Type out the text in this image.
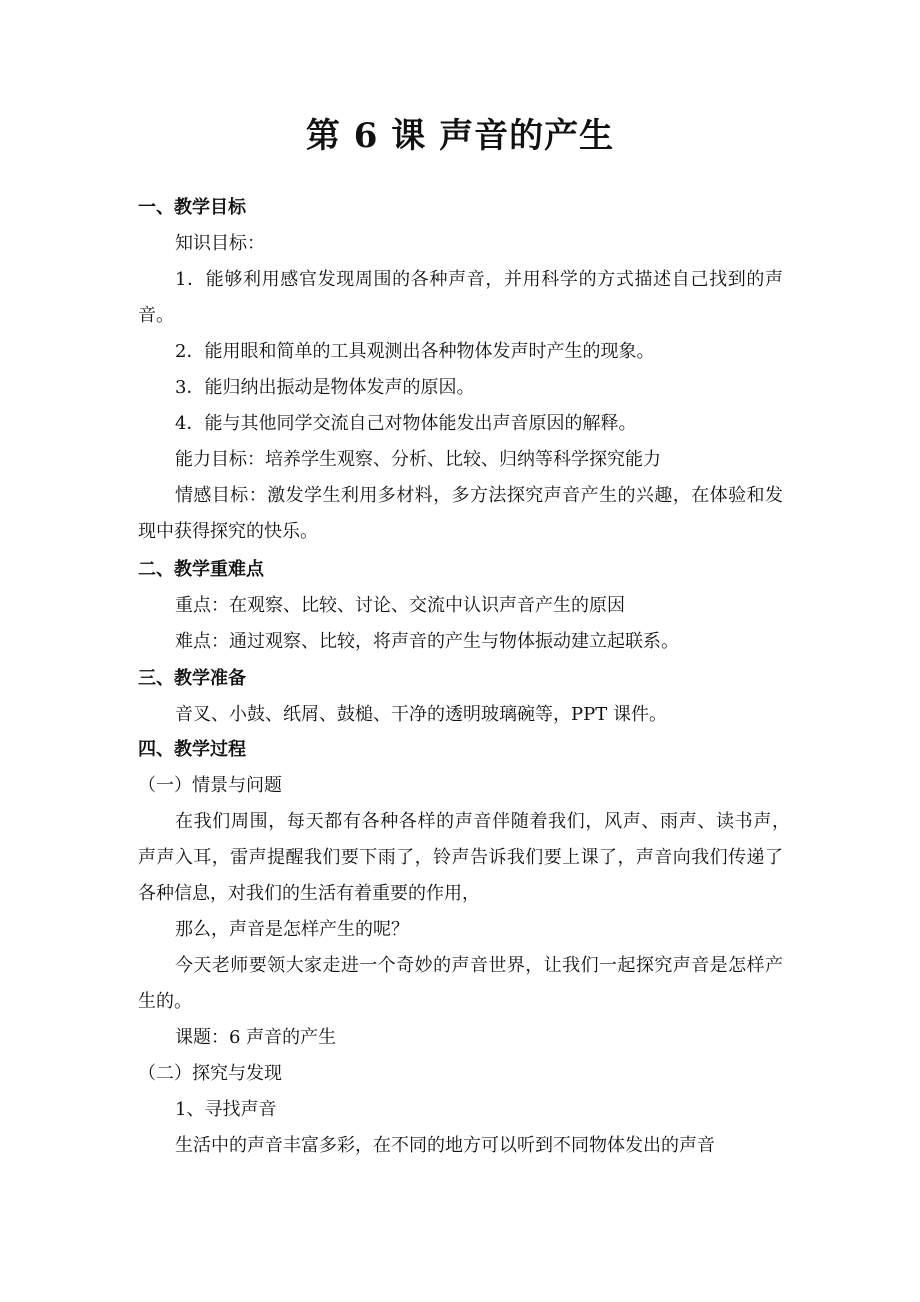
第 6 课 声音的产生
一、教学目标
知识目标：
1．能够利用感官发现周围的各种声音，并用科学的方式描述自己找到的声
音。
2．能用眼和简单的工具观测出各种物体发声时产生的现象。
3．能归纳出振动是物体发声的原因。
4．能与其他同学交流自己对物体能发出声音原因的解释。
能力目标：培养学生观察、分析、比较、归纳等科学探究能力
情感目标：激发学生利用多材料，多方法探究声音产生的兴趣，在体验和发
现中获得探究的快乐。
二、教学重难点
重点：在观察、比较、讨论、交流中认识声音产生的原因
难点：通过观察、比较，将声音的产生与物体振动建立起联系。
三、教学准备
音叉、小鼓、纸屑、鼓槌、干净的透明玻璃碗等，PPT 课件。
四、教学过程
（一）情景与问题
在我们周围，每天都有各种各样的声音伴随着我们，风声、雨声、读书声，
声声入耳，雷声提醒我们要下雨了，铃声告诉我们要上课了，声音向我们传递了
各种信息，对我们的生活有着重要的作用，
那么，声音是怎样产生的呢？
今天老师要领大家走进一个奇妙的声音世界，让我们一起探究声音是怎样产
生的。
课题：6 声音的产生
（二）探究与发现
1、寻找声音
生活中的声音丰富多彩，在不同的地方可以听到不同物体发出的声音
